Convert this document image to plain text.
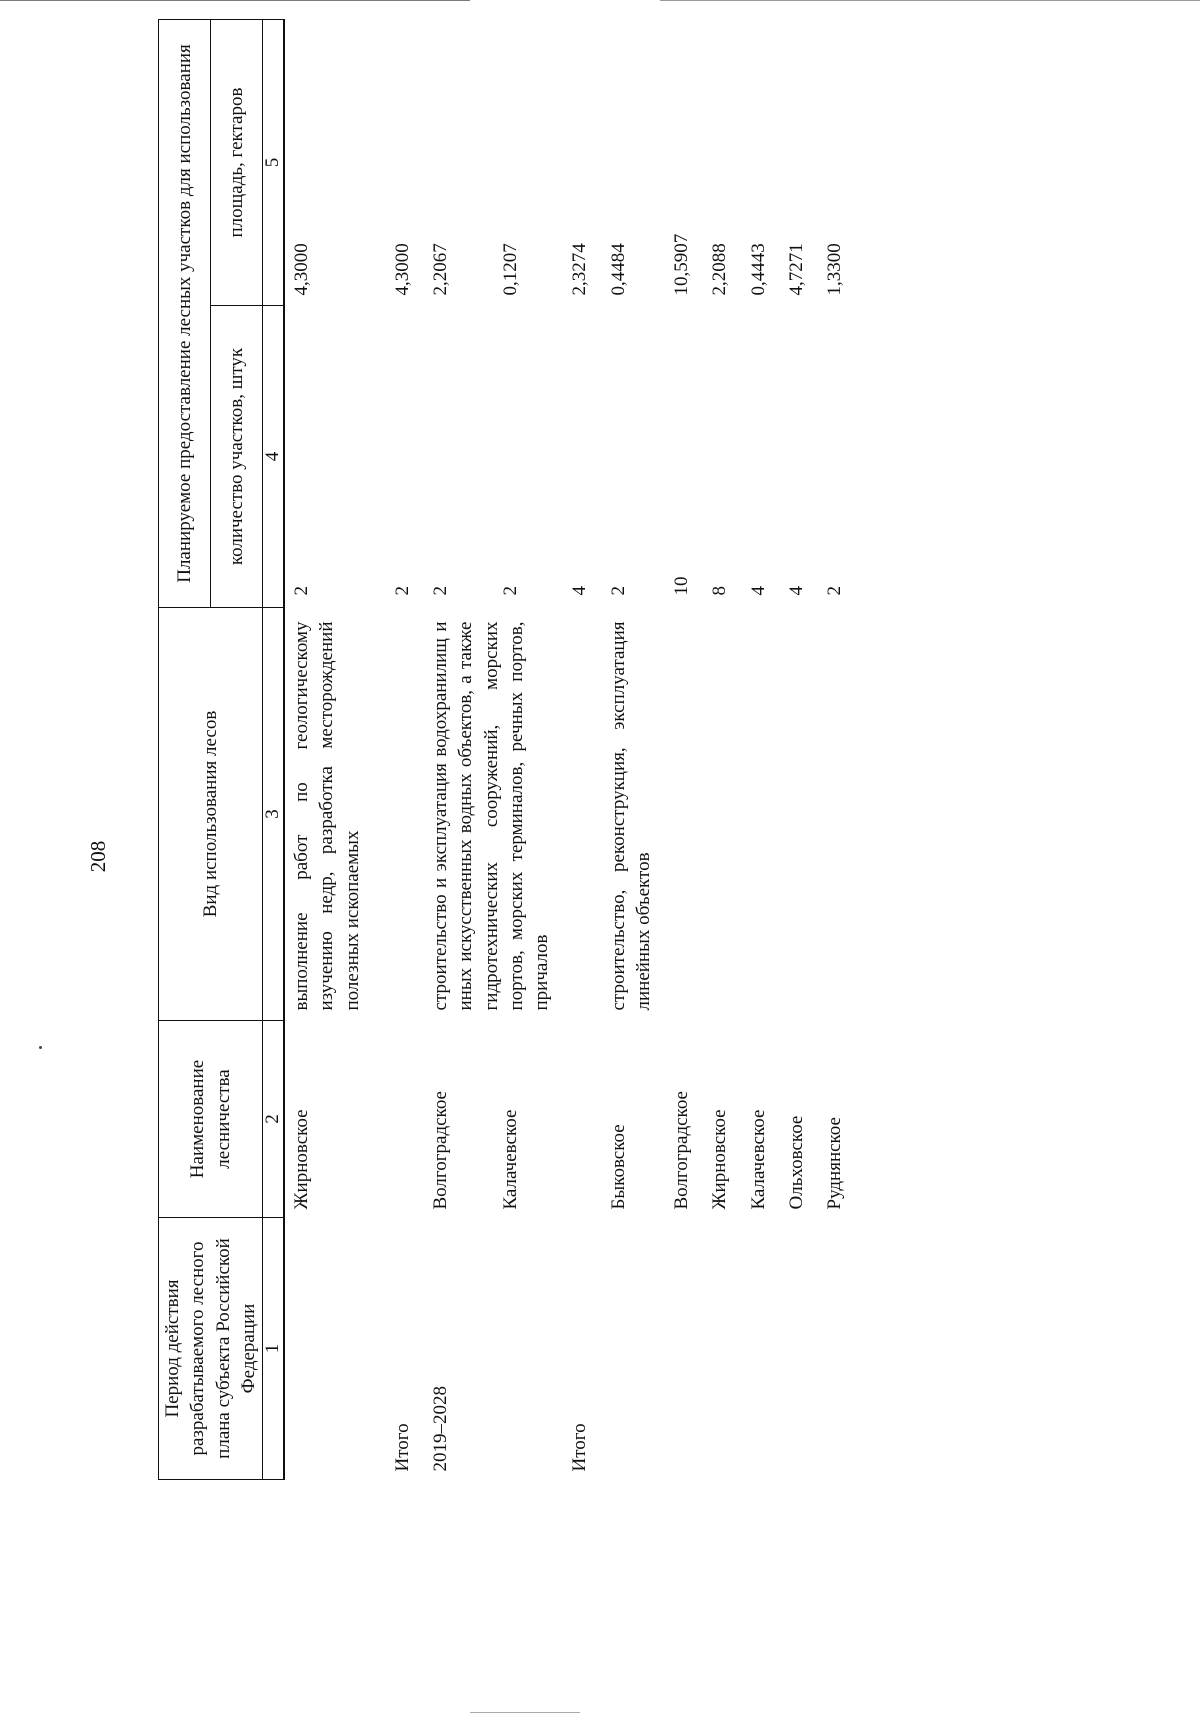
208
Период действия разрабатываемого лесного плана субъекта Российской Федерации	Наименование лесничества	Вид использования лесов	Планируемое предоставление лесных участков для использования	
			количество участков, штук	площадь, гектаров
1	2	3	4	5
	Жирновское	выполнение работ по геологическому изучению недр, разработка месторождений полезных ископаемых	2	4,3000
Итого			2	4,3000
2019–2028	Волгоградское	строительство и эксплуатация водохранилищ и иных искусственных водных объектов, а также гидротехнических сооружений, морских портов, морских терминалов, речных портов, причалов	2	2,2067
	Калачевское		2	0,1207
Итого			4	2,3274
	Быковское	строительство, реконструкция, эксплуатация линейных объектов	2	0,4484
	Волгоградское		10	10,5907
	Жирновское		8	2,2088
	Калачевское		4	0,4443
	Ольховское		4	4,7271
	Руднянское		2	1,3300
